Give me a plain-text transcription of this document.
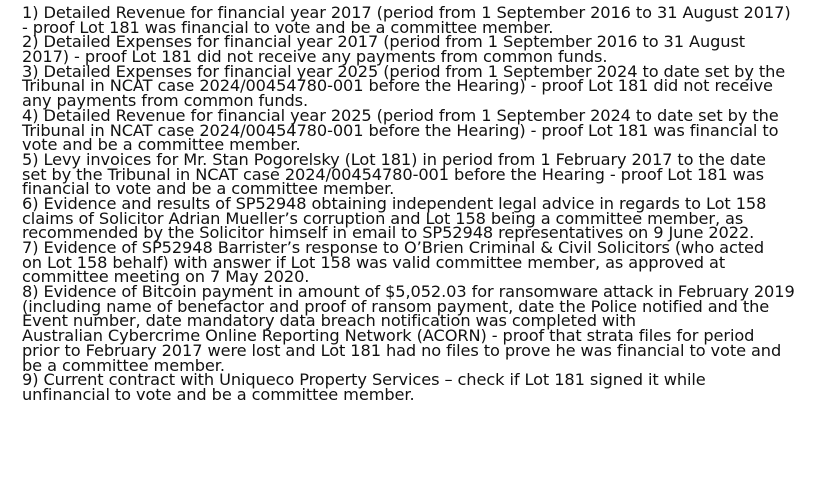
1) Detailed Revenue for financial year 2017 (period from 1 September 2016 to 31 August 2017)
- proof Lot 181 was financial to vote and be a committee member.
2) Detailed Expenses for financial year 2017 (period from 1 September 2016 to 31 August
2017) - proof Lot 181 did not receive any payments from common funds.
3) Detailed Expenses for financial year 2025 (period from 1 September 2024 to date set by the
Tribunal in NCAT case 2024/00454780-001 before the Hearing) - proof Lot 181 did not receive
any payments from common funds.
4) Detailed Revenue for financial year 2025 (period from 1 September 2024 to date set by the
Tribunal in NCAT case 2024/00454780-001 before the Hearing) - proof Lot 181 was financial to
vote and be a committee member.
5) Levy invoices for Mr. Stan Pogorelsky (Lot 181) in period from 1 February 2017 to the date
set by the Tribunal in NCAT case 2024/00454780-001 before the Hearing - proof Lot 181 was
financial to vote and be a committee member.
6) Evidence and results of SP52948 obtaining independent legal advice in regards to Lot 158
claims of Solicitor Adrian Mueller’s corruption and Lot 158 being a committee member, as
recommended by the Solicitor himself in email to SP52948 representatives on 9 June 2022.
7) Evidence of SP52948 Barrister’s response to O’Brien Criminal & Civil Solicitors (who acted
on Lot 158 behalf) with answer if Lot 158 was valid committee member, as approved at
committee meeting on 7 May 2020.
8) Evidence of Bitcoin payment in amount of $5,052.03 for ransomware attack in February 2019
(including name of benefactor and proof of ransom payment, date the Police notified and the
Event number, date mandatory data breach notification was completed with
Australian Cybercrime Online Reporting Network (ACORN) - proof that strata files for period
prior to February 2017 were lost and Lot 181 had no files to prove he was financial to vote and
be a committee member.
9) Current contract with Uniqueco Property Services – check if Lot 181 signed it while
unfinancial to vote and be a committee member.
